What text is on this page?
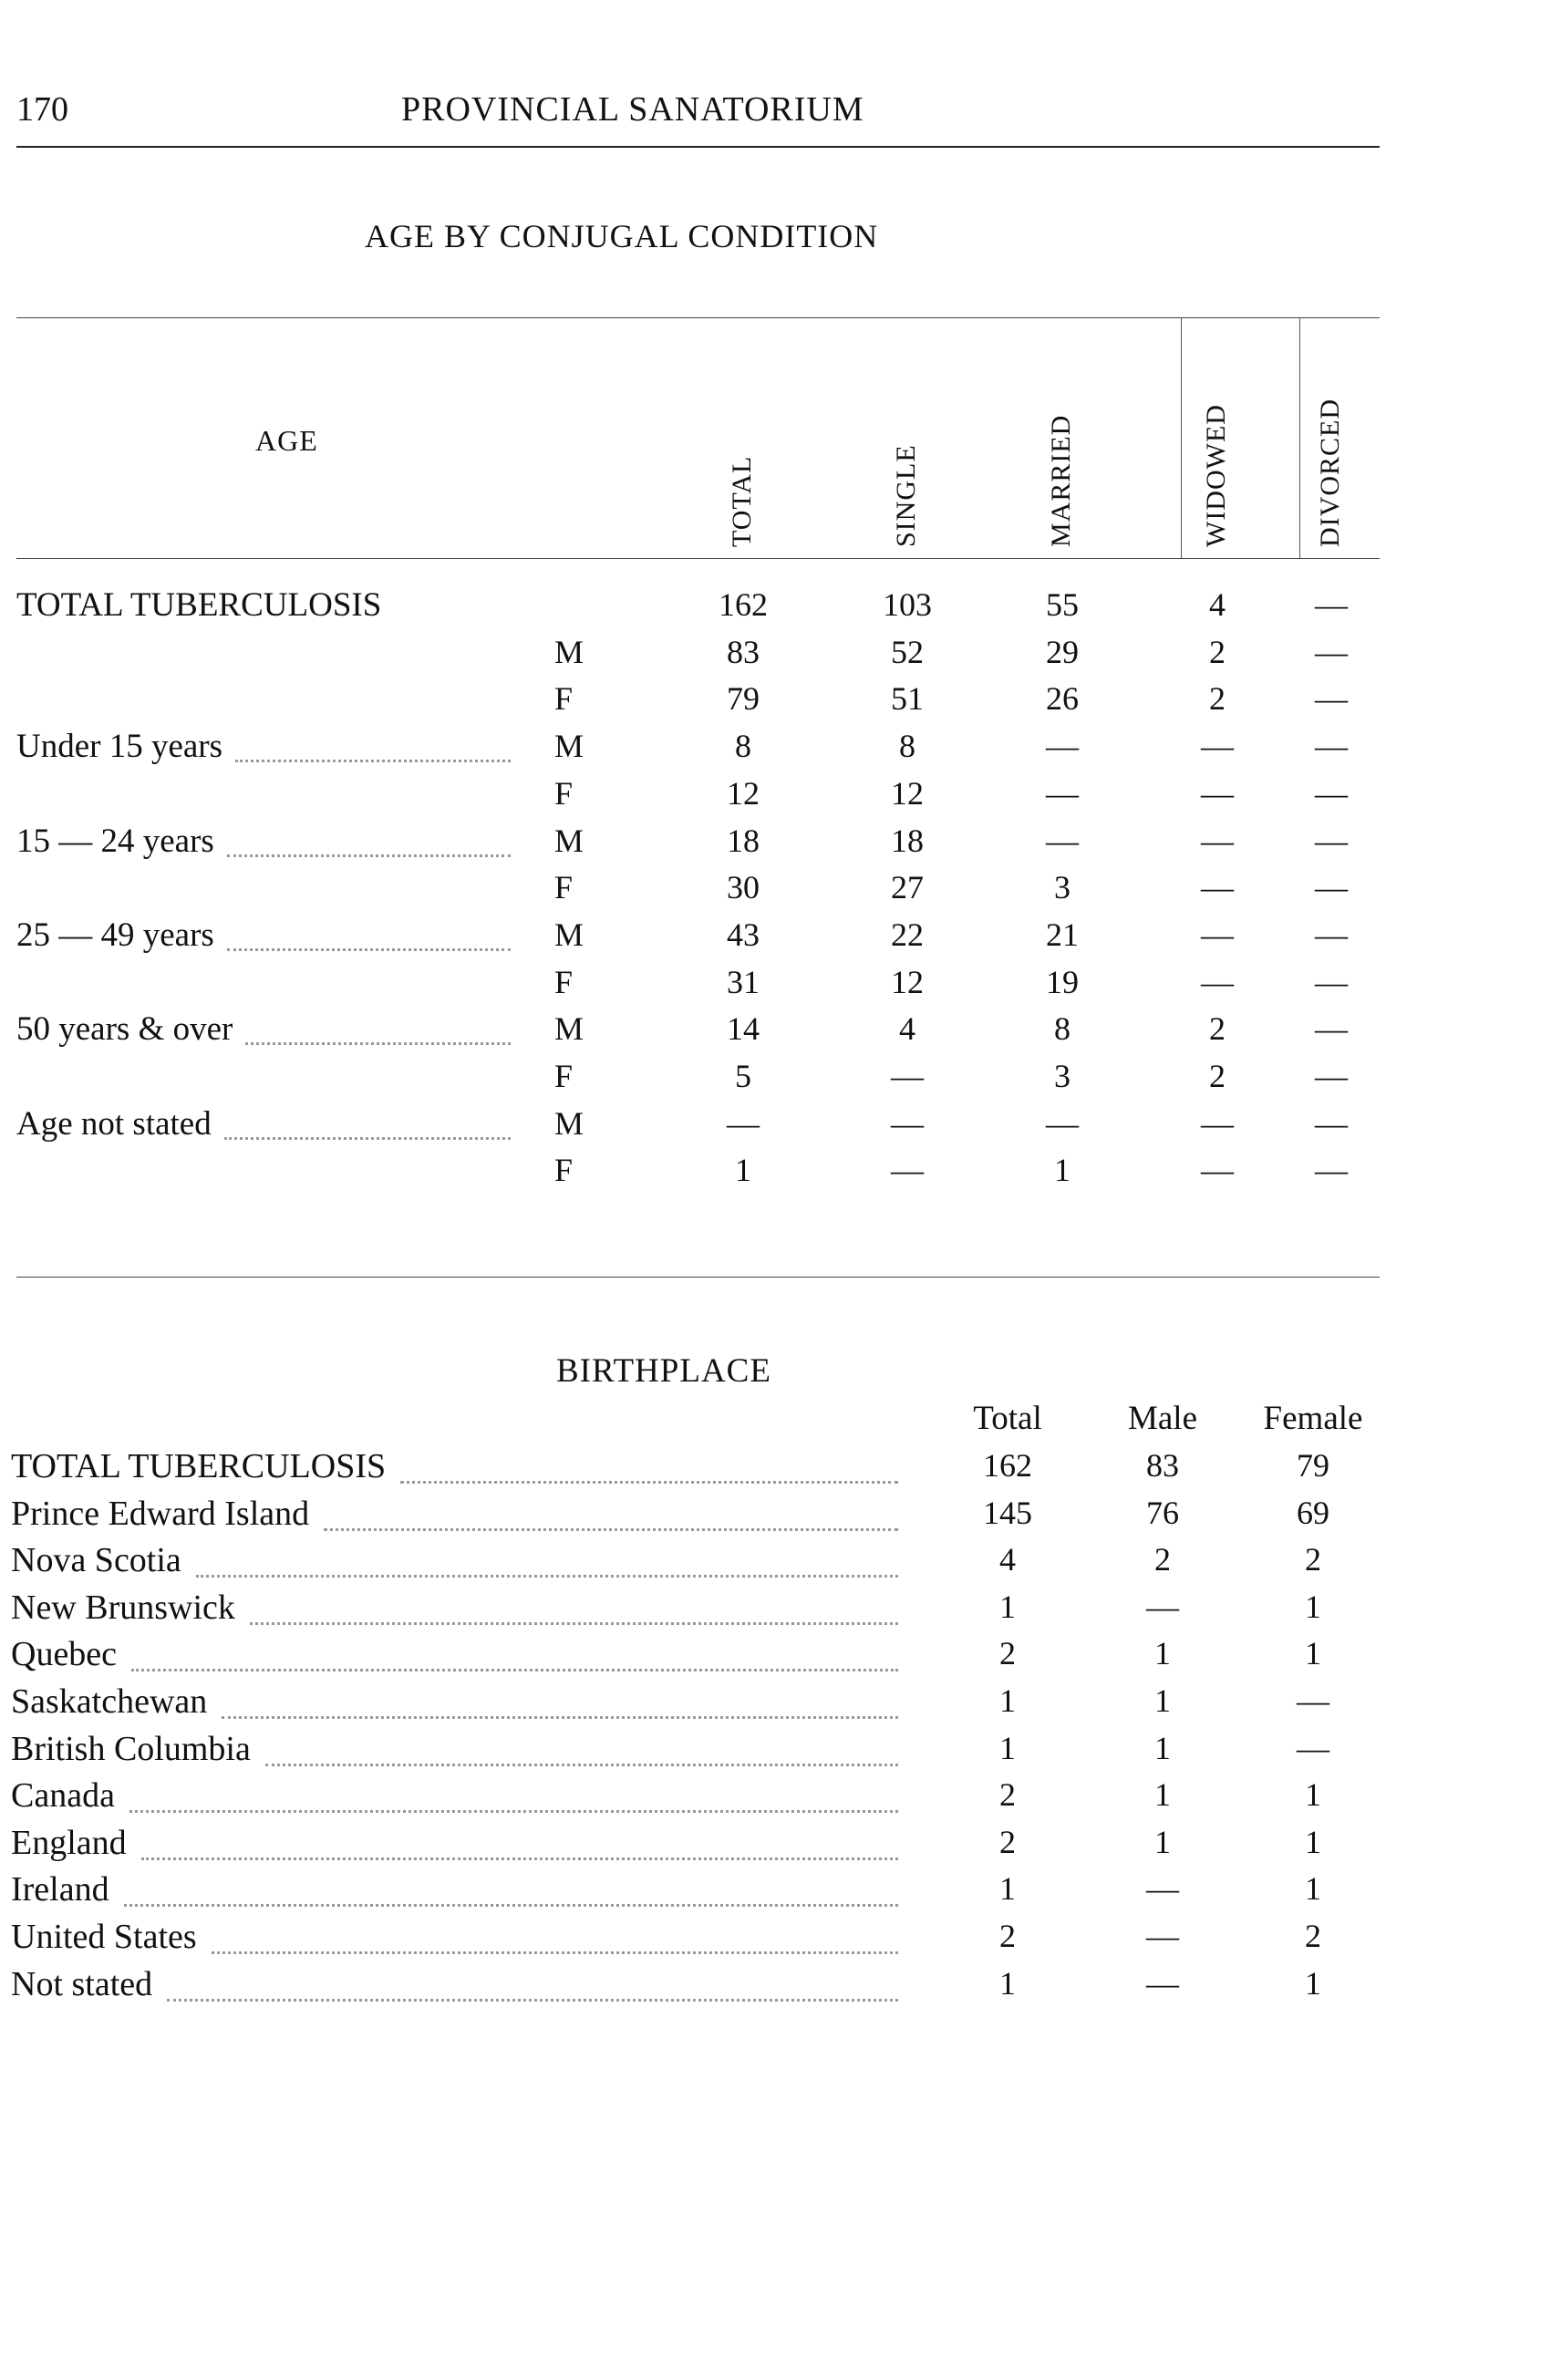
170	PROVINCIAL SANATORIUM
AGE BY CONJUGAL CONDITION
AGE
TOTAL	SINGLE	MARRIED	WIDOWED	DIVORCED
TOTAL TUBERCULOSIS	162	103	55	4	—
M	83	52	29	2	—
F	79	51	26	2	—
Under 15 years	M	8	8	—	—	—
F	12	12	—	—	—
15 — 24 years	M	18	18	—	—	—
F	30	27	3	—	—
25 — 49 years	M	43	22	21	—	—
F	31	12	19	—	—
50 years & over	M	14	4	8	2	—
F	5	—	3	2	—
Age not stated	M	—	—	—	—	—
F	1	—	1	—	—
BIRTHPLACE
Total	Male	Female
TOTAL TUBERCULOSIS	162	83	79
Prince Edward Island	145	76	69
Nova Scotia	4	2	2
New Brunswick	1	—	1
Quebec	2	1	1
Saskatchewan	1	1	—
British Columbia	1	1	—
Canada	2	1	1
England	2	1	1
Ireland	1	—	1
United States	2	—	2
Not stated	1	—	1
